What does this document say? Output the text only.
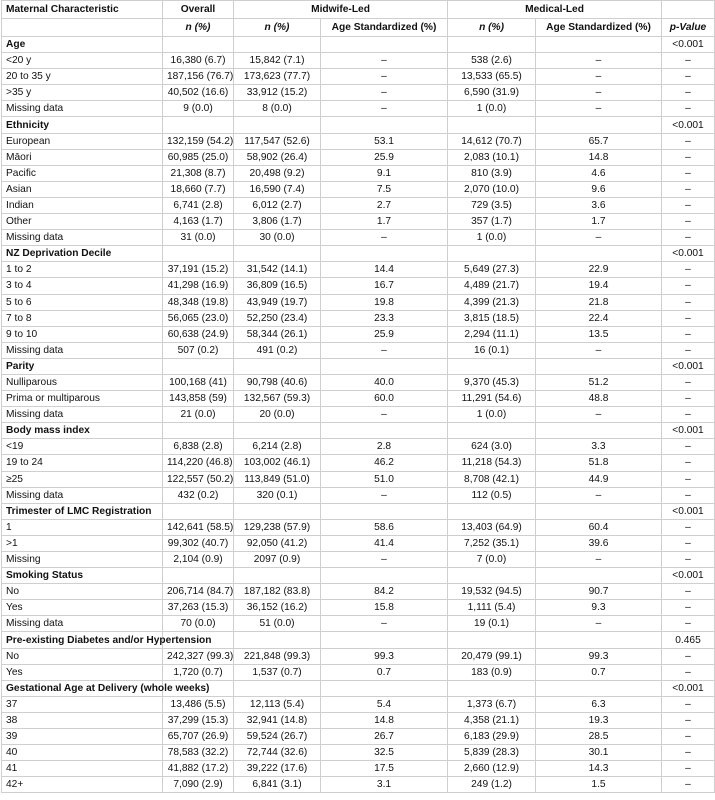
Maternal Characteristic	Overall	Midwife-Led		Medical-Led		
	n (%)	n (%)	Age Standardized (%)	n (%)	Age Standardized (%)	p-Value
Age						<0.001
<20 y	16,380 (6.7)	15,842 (7.1)	–	538 (2.6)	–	–
20 to 35 y	187,156 (76.7)	173,623 (77.7)	–	13,533 (65.5)	–	–
>35 y	40,502 (16.6)	33,912 (15.2)	–	6,590 (31.9)	–	–
Missing data	9 (0.0)	8 (0.0)	–	1 (0.0)	–	–
Ethnicity						<0.001
European	132,159 (54.2)	117,547 (52.6)	53.1	14,612 (70.7)	65.7	–
Māori	60,985 (25.0)	58,902 (26.4)	25.9	2,083 (10.1)	14.8	–
Pacific	21,308 (8.7)	20,498 (9.2)	9.1	810 (3.9)	4.6	–
Asian	18,660 (7.7)	16,590 (7.4)	7.5	2,070 (10.0)	9.6	–
Indian	6,741 (2.8)	6,012 (2.7)	2.7	729 (3.5)	3.6	–
Other	4,163 (1.7)	3,806 (1.7)	1.7	357 (1.7)	1.7	–
Missing data	31 (0.0)	30 (0.0)	–	1 (0.0)	–	–
NZ Deprivation Decile						<0.001
1 to 2	37,191 (15.2)	31,542 (14.1)	14.4	5,649 (27.3)	22.9	–
3 to 4	41,298 (16.9)	36,809 (16.5)	16.7	4,489 (21.7)	19.4	–
5 to 6	48,348 (19.8)	43,949 (19.7)	19.8	4,399 (21.3)	21.8	–
7 to 8	56,065 (23.0)	52,250 (23.4)	23.3	3,815 (18.5)	22.4	–
9 to 10	60,638 (24.9)	58,344 (26.1)	25.9	2,294 (11.1)	13.5	–
Missing data	507 (0.2)	491 (0.2)	–	16 (0.1)	–	–
Parity						<0.001
Nulliparous	100,168 (41)	90,798 (40.6)	40.0	9,370 (45.3)	51.2	–
Prima or multiparous	143,858 (59)	132,567 (59.3)	60.0	11,291 (54.6)	48.8	–
Missing data	21 (0.0)	20 (0.0)	–	1 (0.0)	–	–
Body mass index						<0.001
<19	6,838 (2.8)	6,214 (2.8)	2.8	624 (3.0)	3.3	–
19 to 24	114,220 (46.8)	103,002 (46.1)	46.2	11,218 (54.3)	51.8	–
≥25	122,557 (50.2)	113,849 (51.0)	51.0	8,708 (42.1)	44.9	–
Missing data	432 (0.2)	320 (0.1)	–	112 (0.5)	–	–
Trimester of LMC Registration						<0.001
1	142,641 (58.5)	129,238 (57.9)	58.6	13,403 (64.9)	60.4	–
>1	99,302 (40.7)	92,050 (41.2)	41.4	7,252 (35.1)	39.6	–
Missing	2,104 (0.9)	2097 (0.9)	–	7 (0.0)	–	–
Smoking Status						<0.001
No	206,714 (84.7)	187,182 (83.8)	84.2	19,532 (94.5)	90.7	–
Yes	37,263 (15.3)	36,152 (16.2)	15.8	1,111 (5.4)	9.3	–
Missing data	70 (0.0)	51 (0.0)	–	19 (0.1)	–	–
Pre-existing Diabetes and/or Hypertension						0.465
No	242,327 (99.3)	221,848 (99.3)	99.3	20,479 (99.1)	99.3	–
Yes	1,720 (0.7)	1,537 (0.7)	0.7	183 (0.9)	0.7	–
Gestational Age at Delivery (whole weeks)						<0.001
37	13,486 (5.5)	12,113 (5.4)	5.4	1,373 (6.7)	6.3	–
38	37,299 (15.3)	32,941 (14.8)	14.8	4,358 (21.1)	19.3	–
39	65,707 (26.9)	59,524 (26.7)	26.7	6,183 (29.9)	28.5	–
40	78,583 (32.2)	72,744 (32.6)	32.5	5,839 (28.3)	30.1	–
41	41,882 (17.2)	39,222 (17.6)	17.5	2,660 (12.9)	14.3	–
42+	7,090 (2.9)	6,841 (3.1)	3.1	249 (1.2)	1.5	–
